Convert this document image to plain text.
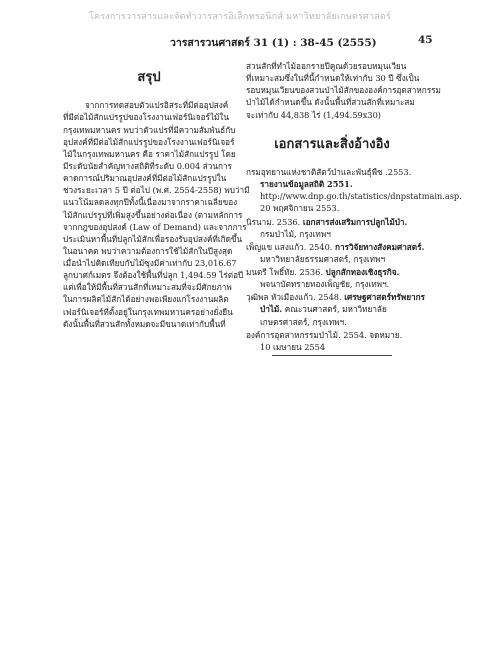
โครงการวารสารและจัดทำวารสารอิเล็กทรอนิกส์ มหาวิทยาลัยเกษตรศาสตร์
วารสารวนศาสตร์ 31 (1) : 38-45 (2555)	45
สรุป

จากการทดสอบตัวแปรอิสระที่มีต่ออุปสงค์
ที่มีต่อไม้สักแปรรูปของโรงงานเฟอร์นิเจอร์ไม้ใน
กรุงเทพมหานคร พบว่าตัวแปรที่มีความสัมพันธ์กับ
อุปสงค์ที่มีต่อไม้สักแปรรูปของโรงงานเฟอร์นิเจอร์
ไม้ในกรุงเทพมหานคร คือ ราคาไม้สักแปรรูป โดย
มีระดับนัยสำคัญทางสถิติที่ระดับ 0.004 ส่วนการ
คาดการณ์ปริมาณอุปสงค์ที่มีต่อไม้สักแปรรูปใน
ช่วงระยะเวลา 5 ปี ต่อไป (พ.ศ. 2554-2558) พบว่ามี
แนวโน้มลดลงทุกปีทั้งนี้เนื่องมาจากราคาเฉลี่ยของ
ไม้สักแปรรูปที่เพิ่มสูงขึ้นอย่างต่อเนื่อง (ตามหลักการ
จากกฎของอุปสงค์ (Law of Demand) และจากการ
ประเมินหาพื้นที่ปลูกไม้สักเพื่อรองรับอุปสงค์ที่เกิดขึ้น
ในอนาคต พบว่าความต้องการใช้ไม้สักในปีสูงสุด
เมื่อนำไปคิดเทียบกับไม้ซุงมีค่าเท่ากับ 23,016.67
ลูกบาศก์เมตร จึงต้องใช้พื้นที่ปลูก 1,494.59 ไร่ต่อปี
แต่เพื่อให้มีพื้นที่สวนสักที่เหมาะสมที่จะมีศักยภาพ
ในการผลิตไม้สักได้อย่างพอเพียงแก่โรงงานผลิต
เฟอร์นิเจอร์ที่ตั้งอยู่ในกรุงเทพมหานครอย่างยั่งยืน
ดังนั้นพื้นที่สวนสักทั้งหมดจะมีขนาดเท่ากับพื้นที่

สวนสักที่ทำไม้ออกรายปีคูณด้วยรอบหมุนเวียน
ที่เหมาะสมซึ่งในที่นี้กำหนดให้เท่ากับ 30 ปี ซึ่งเป็น
รอบหมุนเวียนของสวนป่าไม้สักขององค์การอุตสาหกรรม
ป่าไม้ได้กำหนดขึ้น ดังนั้นพื้นที่สวนสักที่เหมาะสม
จะเท่ากับ 44,838 ไร่ (1,494.59x30)

เอกสารและสิ่งอ้างอิง
กรมอุทยานแห่งชาติสัตว์ป่าและพันธุ์พืช .2553.
รายงานข้อมูลสถิติ 2551.
http://www.dnp.go.th/statistics/dnpstatmain.asp.
20 พฤศจิกายน 2553.
นิรนาม. 2536. เอกสารส่งเสริมการปลูกไม้ป่า.
กรมป่าไม้, กรุงเทพฯ
เพ็ญแข แสงแก้ว. 2540. การวิจัยทางสังคมศาสตร์.
มหาวิทยาลัยธรรมศาสตร์, กรุงเทพฯ
มนตรี โพธิ์ทัย. 2536. ปลูกสักทองเชิงธุรกิจ.
พจนาบัตทรายทองเพ็ญชัย, กรุงเทพฯ.
วุฒิพล หัวเมืองแก้ว. 2548. เศรษฐศาสตร์ทรัพยากร
ป่าไม้. คณะวนศาสตร์, มหาวิทยาลัย
เกษตรศาสตร์, กรุงเทพฯ.
องค์การอุตสาหกรรมป่าไม้. 2554. จดหมาย.
10 เมษายน 2554
